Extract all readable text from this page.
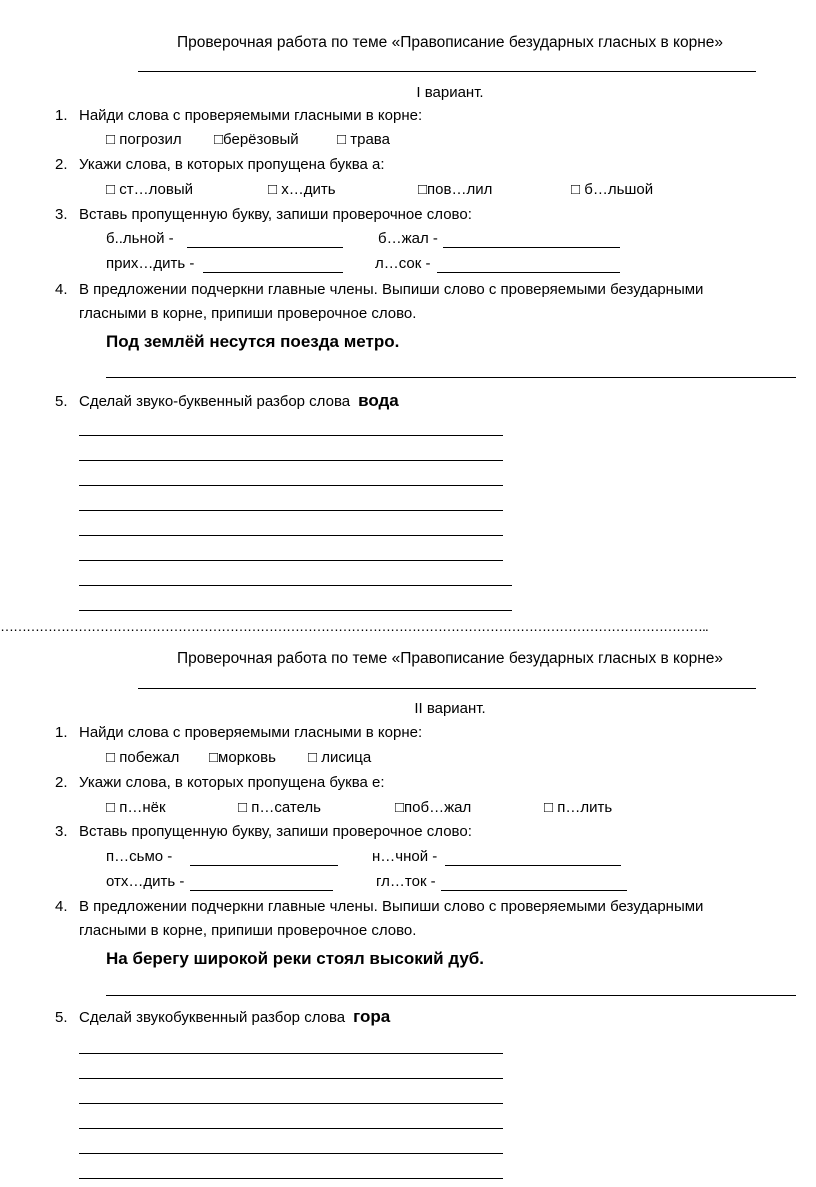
Проверочная работа по теме «Правописание безударных гласных в корне»
I вариант.
1. Найди слова с проверяемыми гласными в корне:
□ погрозил □берёзовый	□ трава
2. Укажи слова, в которых пропущена буква а:
□ ст…ловый	□ х…дить	□пов…лил	□ б…льшой
3. Вставь пропущенную букву, запиши проверочное слово:
б..льной -	б…жал -
прих…дить -	л…сок -
4. В предложении подчеркни главные члены. Выпиши слово с проверяемыми безударными
гласными в корне, припиши проверочное слово.
Под землёй несутся поезда метро.
5. Сделай звуко-буквенный разбор слова вода
………………………………………………………………………………………………………………………………………………..
Проверочная работа по теме «Правописание безударных гласных в корне»
II вариант.
1. Найди слова с проверяемыми гласными в корне:
□ побежал □морковь □ лисица
2. Укажи слова, в которых пропущена буква е:
□ п…нёк	□ п…сатель	□поб…жал	□ п…лить
3. Вставь пропущенную букву, запиши проверочное слово:
п…сьмо -	н…чной -
отх…дить -	гл…ток -
4. В предложении подчеркни главные члены. Выпиши слово с проверяемыми безударными
гласными в корне, припиши проверочное слово.
На берегу широкой реки стоял высокий дуб.
5. Сделай звукобуквенный разбор слова гора
